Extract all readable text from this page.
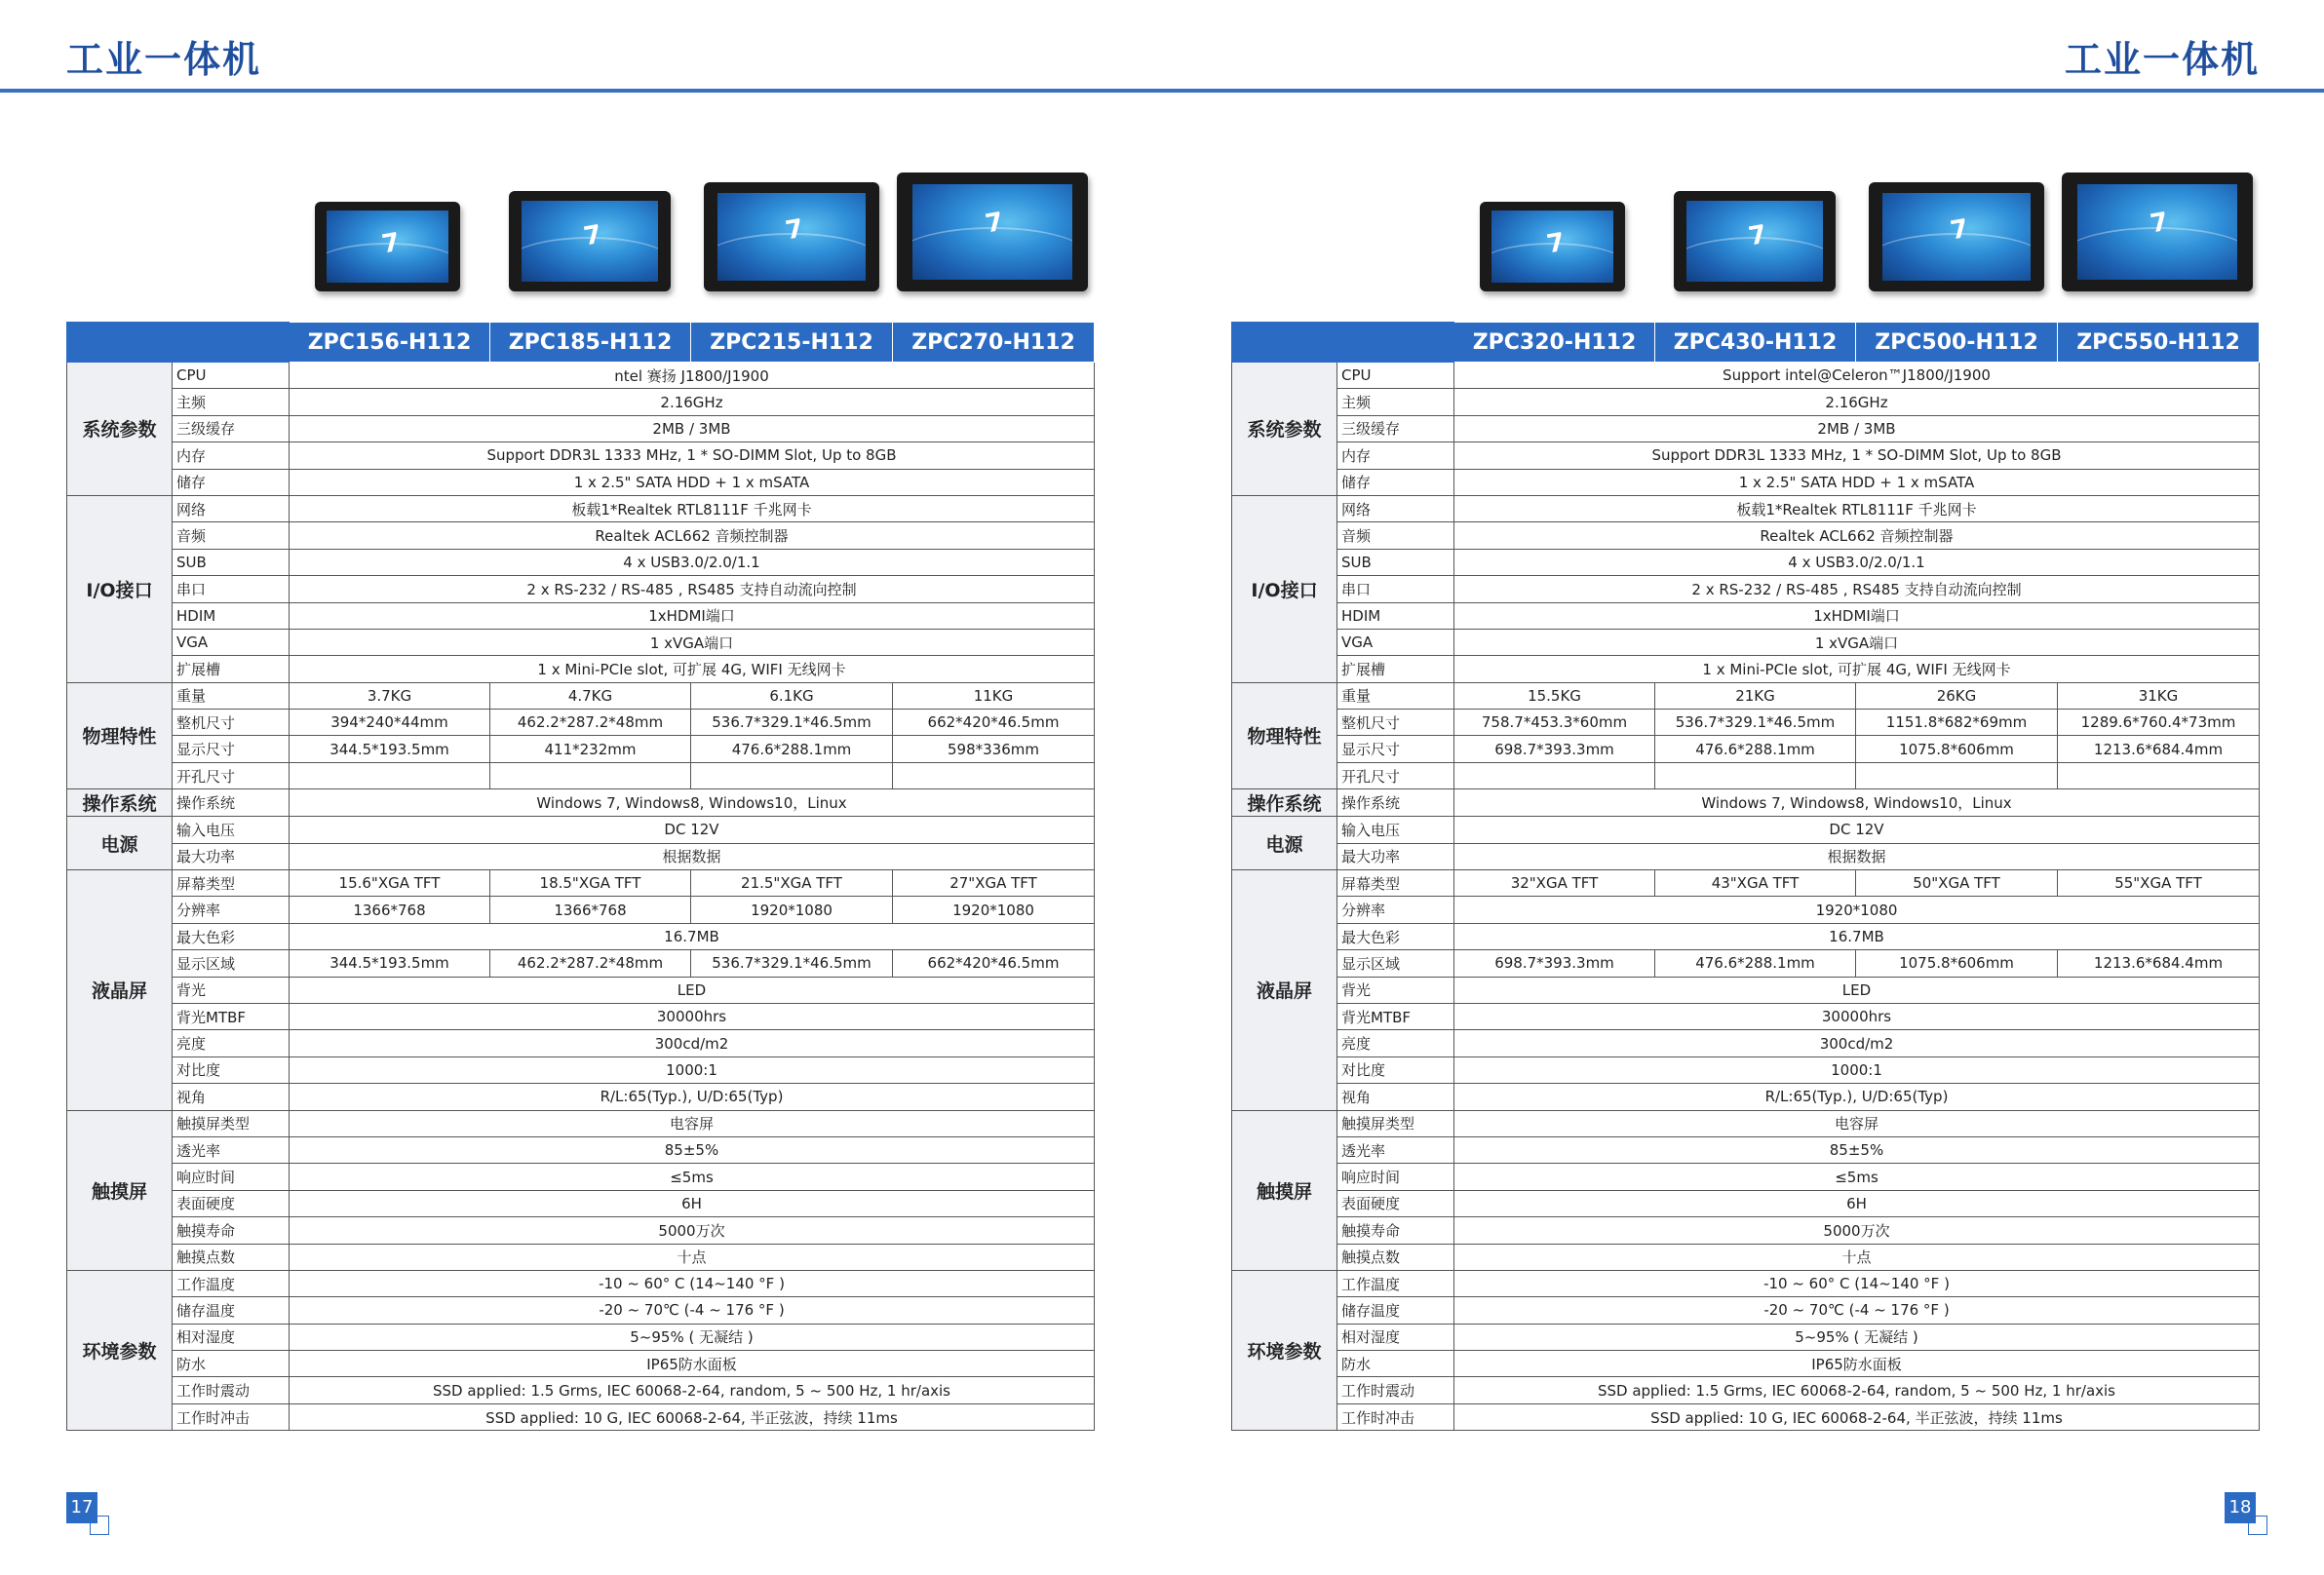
工业一体机	工业一体机
7	7	7	7
7	7	7	7
		ZPC156-H112	ZPC185-H112	ZPC215-H112	ZPC270-H112
系统参数	CPU	ntel 赛扬 J1800/J1900			
	主频	2.16GHz			
	三级缓存	2MB / 3MB			
	内存	Support DDR3L 1333 MHz, 1 * SO-DIMM Slot, Up to 8GB			
	储存	1 x 2.5" SATA HDD + 1 x mSATA			
I/O接口	网络	板载1*Realtek RTL8111F 千兆网卡			
	音频	Realtek ACL662 音频控制器			
	SUB	4 x USB3.0/2.0/1.1			
	串口	2 x RS-232 / RS-485 , RS485 支持自动流向控制			
	HDIM	1xHDMI端口			
	VGA	1 xVGA端口			
	扩展槽	1 x Mini-PCIe slot, 可扩展 4G, WIFI 无线网卡			
物理特性	重量	3.7KG	4.7KG	6.1KG	11KG
	整机尺寸	394*240*44mm	462.2*287.2*48mm	536.7*329.1*46.5mm	662*420*46.5mm
	显示尺寸	344.5*193.5mm	411*232mm	476.6*288.1mm	598*336mm
	开孔尺寸				
操作系统	操作系统	Windows 7, Windows8, Windows10，Linux			
电源	输入电压	DC 12V			
	最大功率	根据数据			
液晶屏	屏幕类型	15.6"XGA TFT	18.5"XGA TFT	21.5"XGA TFT	27"XGA TFT
	分辨率	1366*768	1366*768	1920*1080	1920*1080
	最大色彩	16.7MB			
	显示区域	344.5*193.5mm	462.2*287.2*48mm	536.7*329.1*46.5mm	662*420*46.5mm
	背光	LED			
	背光MTBF	30000hrs			
	亮度	300cd/m2			
	对比度	1000:1			
	视角	R/L:65(Typ.), U/D:65(Typ)			
触摸屏	触摸屏类型	电容屏			
	透光率	85±5%			
	响应时间	≤5ms			
	表面硬度	6H			
	触摸寿命	5000万次			
	触摸点数	十点			
环境参数	工作温度	-10 ~ 60° C (14~140 °F )			
	储存温度	-20 ~ 70℃ (-4 ~ 176 °F )			
	相对湿度	5~95% ( 无凝结 )			
	防水	IP65防水面板			
	工作时震动	SSD applied: 1.5 Grms, IEC 60068-2-64, random, 5 ~ 500 Hz, 1 hr/axis			
	工作时冲击	SSD applied: 10 G, IEC 60068-2-64, 半正弦波，持续 11ms			
		ZPC320-H112	ZPC430-H112	ZPC500-H112	ZPC550-H112
系统参数	CPU	Support intel@Celeron™J1800/J1900			
	主频	2.16GHz			
	三级缓存	2MB / 3MB			
	内存	Support DDR3L 1333 MHz, 1 * SO-DIMM Slot, Up to 8GB			
	储存	1 x 2.5" SATA HDD + 1 x mSATA			
I/O接口	网络	板载1*Realtek RTL8111F 千兆网卡			
	音频	Realtek ACL662 音频控制器			
	SUB	4 x USB3.0/2.0/1.1			
	串口	2 x RS-232 / RS-485 , RS485 支持自动流向控制			
	HDIM	1xHDMI端口			
	VGA	1 xVGA端口			
	扩展槽	1 x Mini-PCIe slot, 可扩展 4G, WIFI 无线网卡			
物理特性	重量	15.5KG	21KG	26KG	31KG
	整机尺寸	758.7*453.3*60mm	536.7*329.1*46.5mm	1151.8*682*69mm	1289.6*760.4*73mm
	显示尺寸	698.7*393.3mm	476.6*288.1mm	1075.8*606mm	1213.6*684.4mm
	开孔尺寸				
操作系统	操作系统	Windows 7, Windows8, Windows10，Linux			
电源	输入电压	DC 12V			
	最大功率	根据数据			
液晶屏	屏幕类型	32"XGA TFT	43"XGA TFT	50"XGA TFT	55"XGA TFT
	分辨率	1920*1080			
	最大色彩	16.7MB			
	显示区域	698.7*393.3mm	476.6*288.1mm	1075.8*606mm	1213.6*684.4mm
	背光	LED			
	背光MTBF	30000hrs			
	亮度	300cd/m2			
	对比度	1000:1			
	视角	R/L:65(Typ.), U/D:65(Typ)			
触摸屏	触摸屏类型	电容屏			
	透光率	85±5%			
	响应时间	≤5ms			
	表面硬度	6H			
	触摸寿命	5000万次			
	触摸点数	十点			
环境参数	工作温度	-10 ~ 60° C (14~140 °F )			
	储存温度	-20 ~ 70℃ (-4 ~ 176 °F )			
	相对湿度	5~95% ( 无凝结 )			
	防水	IP65防水面板			
	工作时震动	SSD applied: 1.5 Grms, IEC 60068-2-64, random, 5 ~ 500 Hz, 1 hr/axis			
	工作时冲击	SSD applied: 10 G, IEC 60068-2-64, 半正弦波，持续 11ms			
17	18
